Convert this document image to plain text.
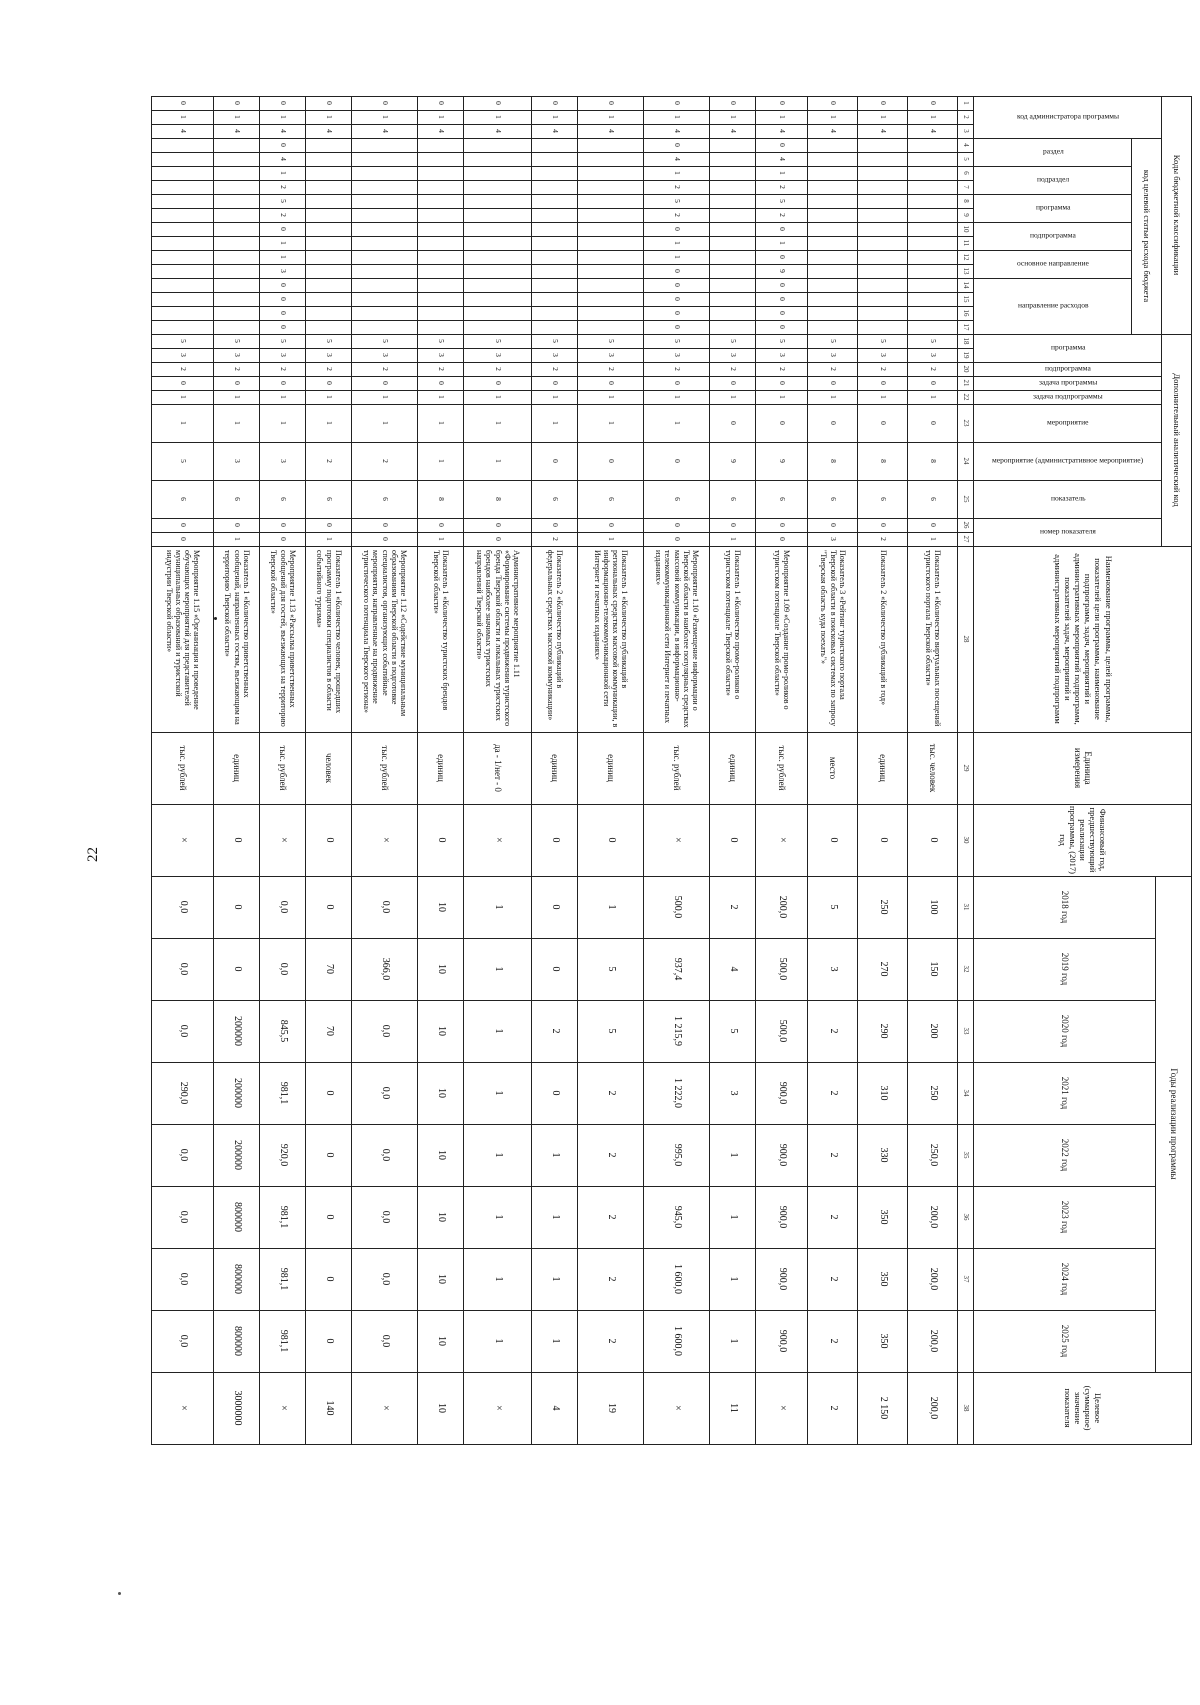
22
Коды бюджетной классификации
Дополнительный аналитический код
код целевой статьи расхода бюджета
код администратора программы
раздел
подраздел
программа
подпрограмма
основное направление
направление расходов
программа
подпрограмма
задача программы
задача подпрограммы
мероприятие
мероприятие (административное мероприятие)
показатель
номер показателя
Наименование программы, целей программы, показателей цели программы, наименование подпрограмм, задач, мероприятий и административных мероприятий подпрограмм, показателей задач, мероприятий и административных мероприятий подпрограмм
Единица измерения
Финансовый год, предшествующий реализации программы, (2017) год
Годы реализации программы
2018 год
2019 год
2020 год
2021 год
2022 год
2023 год
2024 год
2025 год
Целевое (суммарное) значение показателя
1
2
3
4
5
6
7
8
9
10
11
12
13
14
15
16
17
18
19
20
21
22
23
24
25
26
27
28
29
30
31
32
33
34
35
36
37
38
0
1
4
5
3
2
0
1
0
8
6
0
1
Показатель 1 «Количество виртуальных посещений туристского портала Тверской области»
тыс. человек
0
100
150
200
250
250,0
200,0
200,0
200,0
200,0
0
1
4
5
3
2
0
1
0
8
6
0
2
Показатель 2 «Количество публикаций в год»
единиц
0
250
270
290
310
330
350
350
350
2 150
0
1
4
5
3
2
0
1
0
8
6
0
3
Показатель 3 «Рейтинг туристского портала Тверской области в поисковых системах по запросу "Тверская область куда поехать"»
место
0
5
3
2
2
2
2
2
2
2
0
1
4
0
4
1
2
5
2
0
1
0
9
0
0
0
0
5
3
2
0
1
0
9
6
0
0
Мероприятие 1.09 «Создание промо-роликов о туристском потенциале Тверской области»
тыс. рублей
×
200,0
500,0
500,0
900,0
900,0
900,0
900,0
900,0
×
0
1
4
5
3
2
0
1
0
9
6
0
1
Показатель 1 «Количество промо-роликов о туристском потенциале Тверской области»
единиц
0
2
4
5
3
1
1
1
1
11
0
1
4
0
4
1
2
5
2
0
1
1
0
0
0
0
0
5
3
2
0
1
1
0
6
0
0
Мероприятие 1.10 «Размещение информации о Тверской области в наиболее популярных средствах массовой коммуникации, в информационно-телекоммуникационной сети Интернет и печатных изданиях»
тыс. рублей
×
500,0
937,4
1 215,9
1 222,0
995,0
945,0
1 600,0
1 600,0
×
0
1
4
5
3
2
0
1
1
0
6
0
1
Показатель 1 «Количество публикаций в региональных средствах массовой коммуникации, в информационно-телекоммуникационной сети Интернет и печатных изданиях»
единиц
0
1
5
5
2
2
2
2
2
19
0
1
4
5
3
2
0
1
1
0
6
0
2
Показатель 2 «Количество публикаций в федеральных средствах массовой коммуникации»
единиц
0
0
0
2
0
1
1
1
1
4
0
1
4
5
3
2
0
1
1
1
8
0
0
Административное мероприятие 1.11 «Формирование системы продвижения туристского бренда Тверской области и локальных туристских брендов наиболее значимых туристских направлений Тверской области»
да - 1/нет - 0
×
1
1
1
1
1
1
1
1
×
0
1
4
5
3
2
0
1
1
1
8
0
1
Показатель 1 «Количество туристских брендов Тверской области»
единиц
0
10
10
10
10
10
10
10
10
10
0
1
4
5
3
2
0
1
1
2
6
0
0
Мероприятие 1.12 «Содействие муниципальным образованиям Тверской области в подготовке специалистов, организующих событийные мероприятия, направленные на продвижение туристического потенциала Тверского региона»
тыс. рублей
×
0,0
366,0
0,0
0,0
0,0
0,0
0,0
0,0
×
0
1
4
5
3
2
0
1
1
2
6
0
1
Показатель 1 «Количество человек, прошедших программу подготовки специалистов в области событийного туризма»
человек
0
0
70
70
0
0
0
0
0
140
0
1
4
0
4
1
2
5
2
0
1
1
3
0
0
0
0
5
3
2
0
1
1
3
6
0
0
Мероприятие 1.13 «Рассылка приветственных сообщений для гостей, въезжающих на территорию Тверской области»
тыс. рублей
×
0,0
0,0
845,5
981,1
920,0
981,1
981,1
981,1
×
0
1
4
5
3
2
0
1
1
3
6
0
1
Показатель 1 «Количество приветственных сообщений, направленных гостям, въезжающим на территорию Тверской области»
единиц
0
0
0
200000
200000
200000
800000
800000
800000
3000000
0
1
4
5
3
2
0
1
1
5
6
0
0
Мероприятие 1.15 «Организация и проведение обучающих мероприятий для представителей муниципальных образований и туристской индустрии Тверской области»
тыс. рублей
×
0,0
0,0
0,0
290,0
0,0
0,0
0,0
0,0
×
